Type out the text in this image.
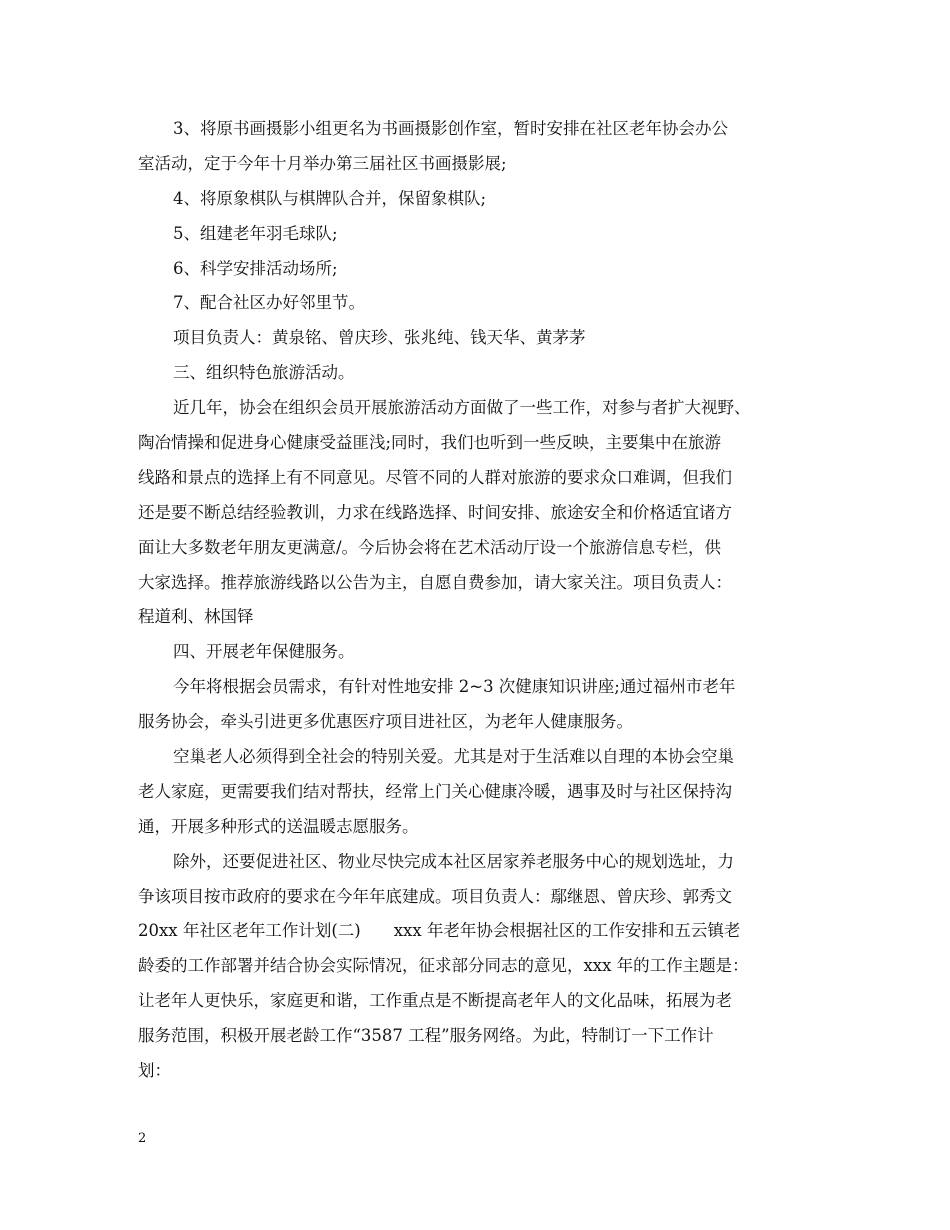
3、将原书画摄影小组更名为书画摄影创作室，暂时安排在社区老年协会办公
室活动，定于今年十月举办第三届社区书画摄影展;
4、将原象棋队与棋牌队合并，保留象棋队;
5、组建老年羽毛球队;
6、科学安排活动场所;
7、配合社区办好邻里节。
项目负责人：黄泉铭、曾庆珍、张兆纯、钱天华、黄茅茅
三、组织特色旅游活动。
近几年，协会在组织会员开展旅游活动方面做了一些工作，对参与者扩大视野、
陶冶情操和促进身心健康受益匪浅;同时，我们也听到一些反映，主要集中在旅游
线路和景点的选择上有不同意见。尽管不同的人群对旅游的要求众口难调，但我们
还是要不断总结经验教训，力求在线路选择、时间安排、旅途安全和价格适宜诸方
面让大多数老年朋友更满意/。今后协会将在艺术活动厅设一个旅游信息专栏，供
大家选择。推荐旅游线路以公告为主，自愿自费参加，请大家关注。项目负责人：
程道利、林国铎
四、开展老年保健服务。
今年将根据会员需求，有针对性地安排 2~3 次健康知识讲座;通过福州市老年
服务协会，牵头引进更多优惠医疗项目进社区，为老年人健康服务。
空巢老人必须得到全社会的特别关爱。尤其是对于生活难以自理的本协会空巢
老人家庭，更需要我们结对帮扶，经常上门关心健康冷暖，遇事及时与社区保持沟
通，开展多种形式的送温暖志愿服务。
除外，还要促进社区、物业尽快完成本社区居家养老服务中心的规划选址，力
争该项目按市政府的要求在今年年底建成。项目负责人：鄢继恩、曾庆珍、郭秀文
20xx 年社区老年工作计划(二)　　xxx 年老年协会根据社区的工作安排和五云镇老
龄委的工作部署并结合协会实际情况，征求部分同志的意见，xxx 年的工作主题是：
让老年人更快乐，家庭更和谐，工作重点是不断提高老年人的文化品味，拓展为老
服务范围，积极开展老龄工作“3587 工程”服务网络。为此，特制订一下工作计
划：
2
